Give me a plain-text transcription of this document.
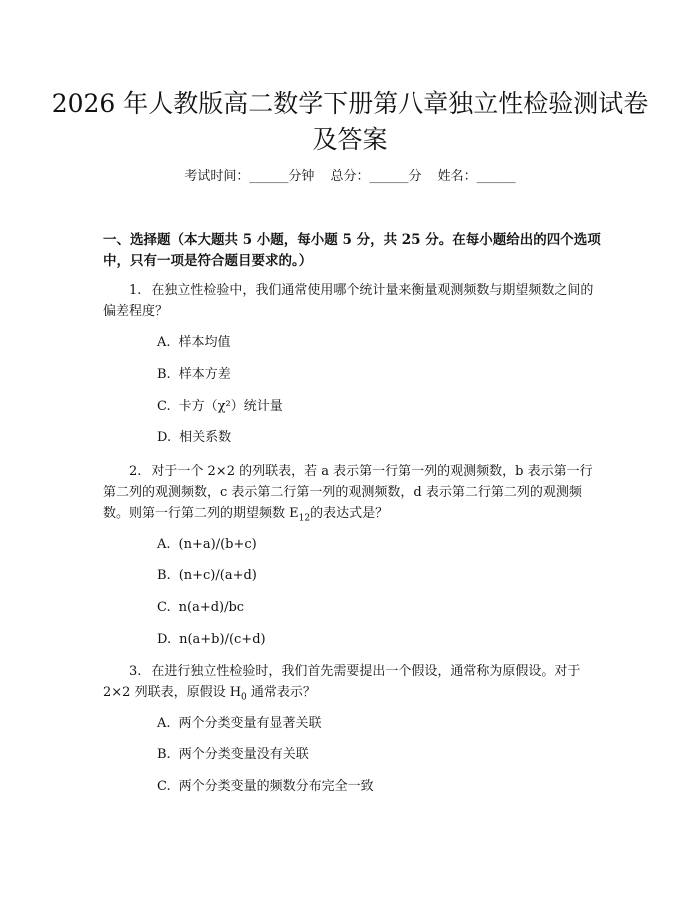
2026 年人教版高二数学下册第八章独立性检验测试卷及答案
考试时间：______分钟 总分：______分 姓名：______
一、选择题（本大题共 5 小题，每小题 5 分，共 25 分。在每小题给出的四个选项中，只有一项是符合题目要求的。）
1. 在独立性检验中，我们通常使用哪个统计量来衡量观测频数与期望频数之间的偏差程度？
A. 样本均值
B. 样本方差
C. 卡方（χ²）统计量
D. 相关系数
2. 对于一个 2×2 的列联表，若 a 表示第一行第一列的观测频数，b 表示第一行第二列的观测频数，c 表示第二行第一列的观测频数，d 表示第二行第二列的观测频数。则第一行第二列的期望频数 $E_{12}$的表达式是？
A. (n+a)/(b+c)
B. (n+c)/(a+d)
C. n(a+d)/bc
D. n(a+b)/(c+d)
3. 在进行独立性检验时，我们首先需要提出一个假设，通常称为原假设。对于 2×2 列联表，原假设 $H_0$ 通常表示？
A. 两个分类变量有显著关联
B. 两个分类变量没有关联
C. 两个分类变量的频数分布完全一致
